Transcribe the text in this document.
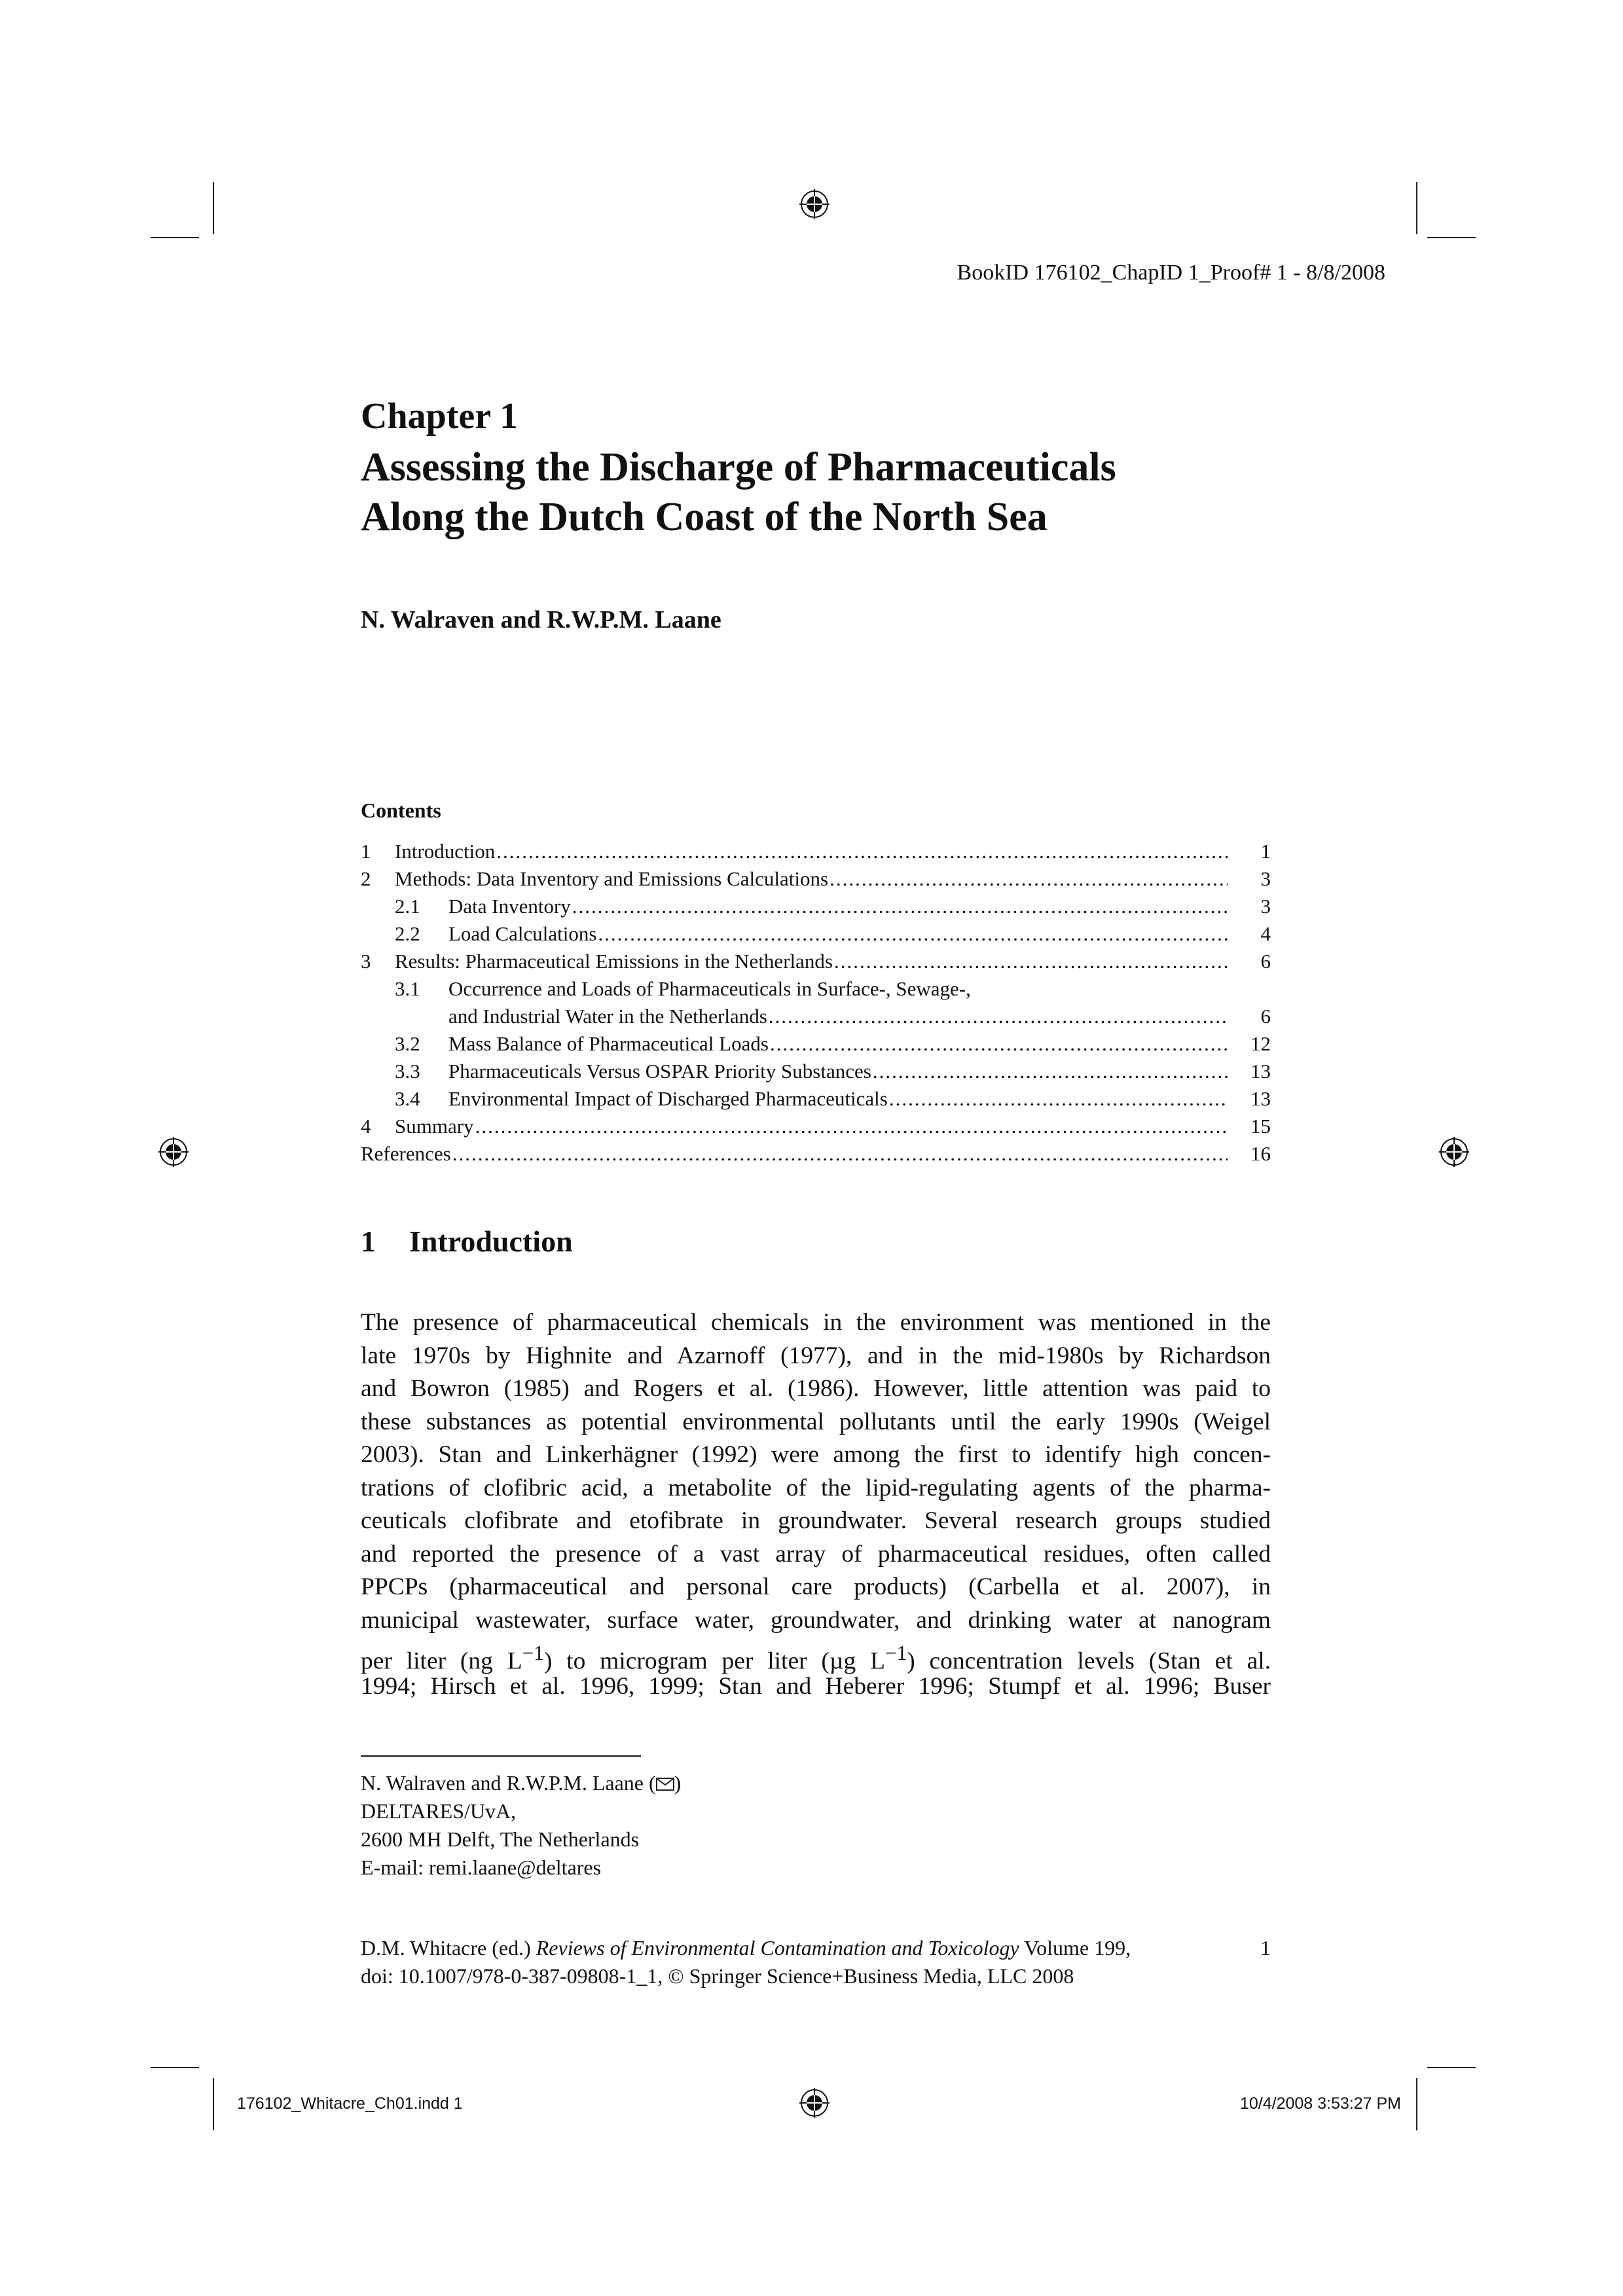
BookID 176102_ChapID 1_Proof# 1 - 8/8/2008
Chapter 1
Assessing the Discharge of Pharmaceuticals
Along the Dutch Coast of the North Sea
N. Walraven and R.W.P.M. Laane
Contents
1	Introduction .....	1
2	Methods: Data Inventory and Emissions Calculations .....	3
2.1	Data Inventory .....	3
2.2	Load Calculations .....	4
3	Results: Pharmaceutical Emissions in the Netherlands .....	6
3.1	Occurrence and Loads of Pharmaceuticals in Surface-, Sewage-,
and Industrial Water in the Netherlands .....	6
3.2	Mass Balance of Pharmaceutical Loads .....	12
3.3	Pharmaceuticals Versus OSPAR Priority Substances .....	13
3.4	Environmental Impact of Discharged Pharmaceuticals .....	13
4	Summary .....	15
References .....	16
1 Introduction
The presence of pharmaceutical chemicals in the environment was mentioned in the
late 1970s by Highnite and Azarnoff (1977), and in the mid-1980s by Richardson
and Bowron (1985) and Rogers et al. (1986). However, little attention was paid to
these substances as potential environmental pollutants until the early 1990s (Weigel
2003). Stan and Linkerhägner (1992) were among the first to identify high concen-
trations of clofibric acid, a metabolite of the lipid-regulating agents of the pharma-
ceuticals clofibrate and etofibrate in groundwater. Several research groups studied
and reported the presence of a vast array of pharmaceutical residues, often called
PPCPs (pharmaceutical and personal care products) (Carbella et al. 2007), in
municipal wastewater, surface water, groundwater, and drinking water at nanogram
per liter (ng $L^{-1}$) to microgram per liter (µg $L^{-1}$) concentration levels (Stan et al.
1994; Hirsch et al. 1996, 1999; Stan and Heberer 1996; Stumpf et al. 1996; Buser
N. Walraven and R.W.P.M. Laane ( )
DELTARES/UvA,
2600 MH Delft, The Netherlands
E-mail: remi.laane@deltares
D.M. Whitacre (ed.) Reviews of Environmental Contamination and Toxicology Volume 199,	1
doi: 10.1007/978-0-387-09808-1_1, © Springer Science+Business Media, LLC 2008
176102_Whitacre_Ch01.indd 1	10/4/2008 3:53:27 PM
